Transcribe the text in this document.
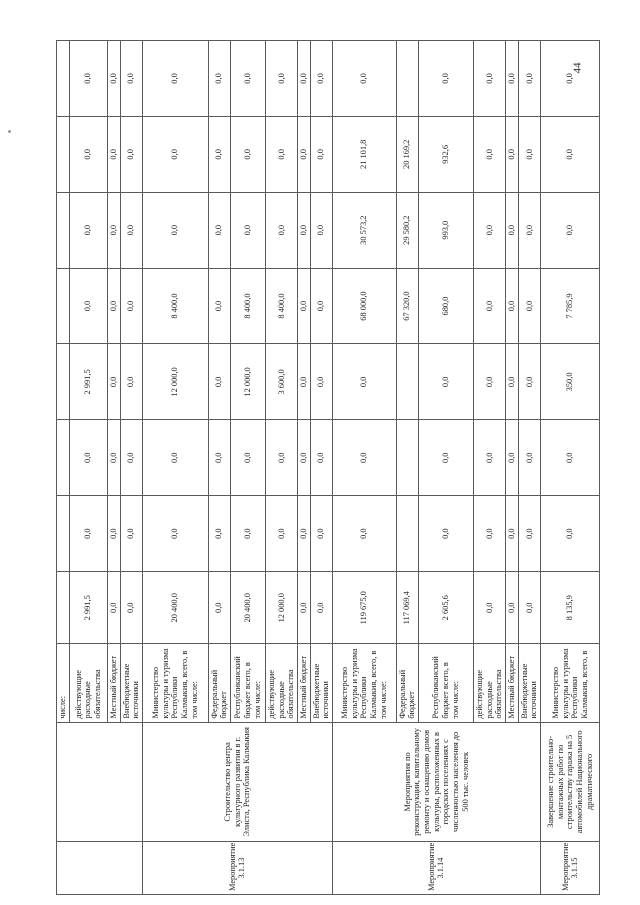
44
		числе:								
		действующие расходные обязательства	2 991,5	0,0	0,0	2 991,5	0,0	0,0	0,0	0,0
		Местный бюджет	0,0	0,0	0,0	0,0	0,0	0,0	0,0	0,0
		Внебюджетные источники	0,0	0,0	0,0	0,0	0,0	0,0	0,0	0,0
Мероприятие 3.1.13	Строительство центра культурного развития в г. Элиста, Республика Калмыкия	Министерство культуры и туризма Республики Калмыкия, всего, в том числе:	20 400,0	0,0	0,0	12 000,0	8 400,0	0,0	0,0	0,0
		Федеральный бюджет	0,0	0,0	0,0	0,0	0,0	0,0	0,0	0,0
		Республиканский бюджет всего, в том числе:	20 400,0	0,0	0,0	12 000,0	8 400,0	0,0	0,0	0,0
		действующие расходные обязательства	12 000,0	0,0	0,0	3 600,0	8 400,0	0,0	0,0	0,0
		Местный бюджет	0,0	0,0	0,0	0,0	0,0	0,0	0,0	0,0
		Внебюджетные источники	0,0	0,0	0,0	0,0	0,0	0,0	0,0	0,0
Мероприятие 3.1.14	Мероприятия по реконструкции, капитальному ремонту и оснащению домов культуры, расположенных в городских поселениях с численностью населения до 500 тыс. человек	Министерство культуры и туризма Республики Калмыкия, всего, в том числе:	119 675,0	0,0	0,0	0,0	68 000,0	30 573,2	21 101,8	0,0
		Федеральный бюджет	117 069,4				67 320,0	29 580,2	20 169,2	
		Республиканский бюджет всего, в том числе:	2 605,6	0,0	0,0	0,0	680,0	993,0	932,6	0,0
		действующие расходные обязательства	0,0	0,0	0,0	0,0	0,0	0,0	0,0	0,0
		Местный бюджет	0,0	0,0	0,0	0,0	0,0	0,0	0,0	0,0
		Внебюджетные источники	0,0	0,0	0,0	0,0	0,0	0,0	0,0	0,0
Мероприятие 3.1.15	Завершение строительно-монтажных работ по строительству гаража на 5 автомобилей Национального драматического	Министерство культуры и туризма Республики Калмыкия, всего, в	8 135,9	0,0	0,0	350,0	7 785,9	0,0	0,0	0,0
